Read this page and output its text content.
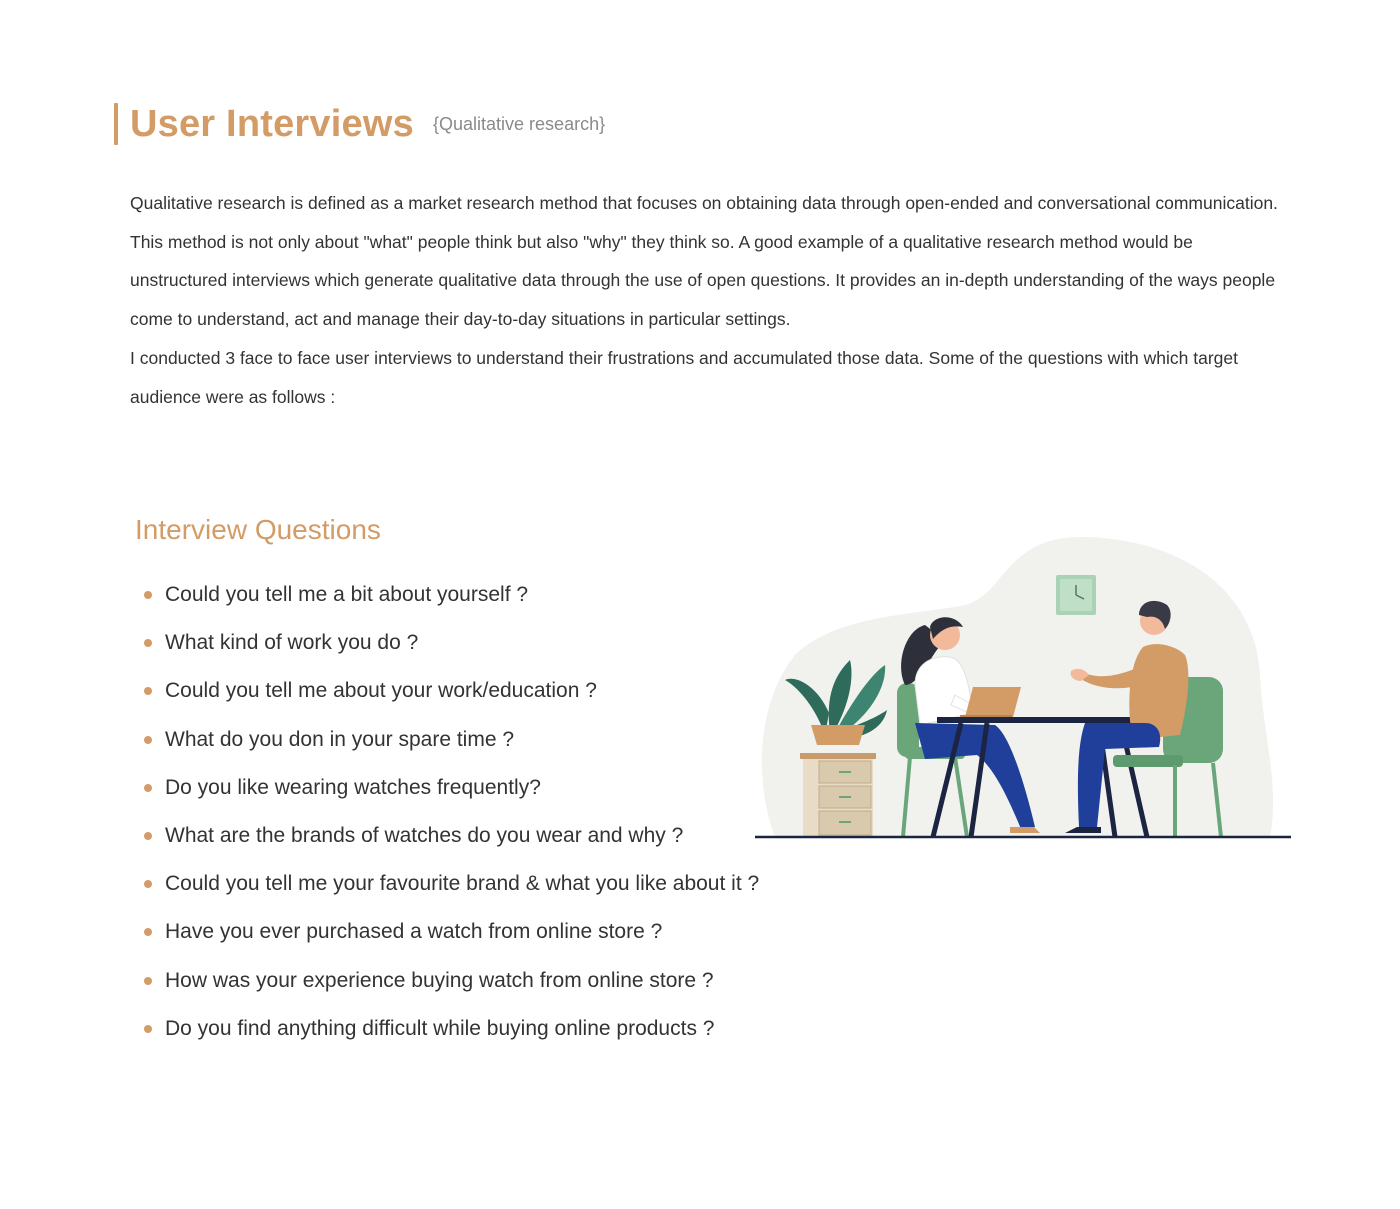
User Interviews {Qualitative research}

Qualitative research is defined as a market research method that focuses on obtaining data through open-ended and conversational communication. This method is not only about "what" people think but also "why" they think so. A good example of a qualitative research method would be unstructured interviews which generate qualitative data through the use of open questions. It provides an in-depth understanding of the ways people come to understand, act and manage their day-to-day situations in particular settings.

I conducted 3 face to face user interviews to understand their frustrations and accumulated those data. Some of the questions with which target audience were as follows :

Interview Questions
Could you tell me a bit about yourself ?
What kind of work you do ?
Could you tell me about your work/education ?
What do you don in your spare time ?
Do you like wearing watches frequently?
What are the brands of watches do you wear and why ?
Could you tell me your favourite brand & what you like about it ?
Have you ever purchased a watch from online store ?
How was your experience buying watch from online store ?
Do you find anything difficult while buying online products ?
